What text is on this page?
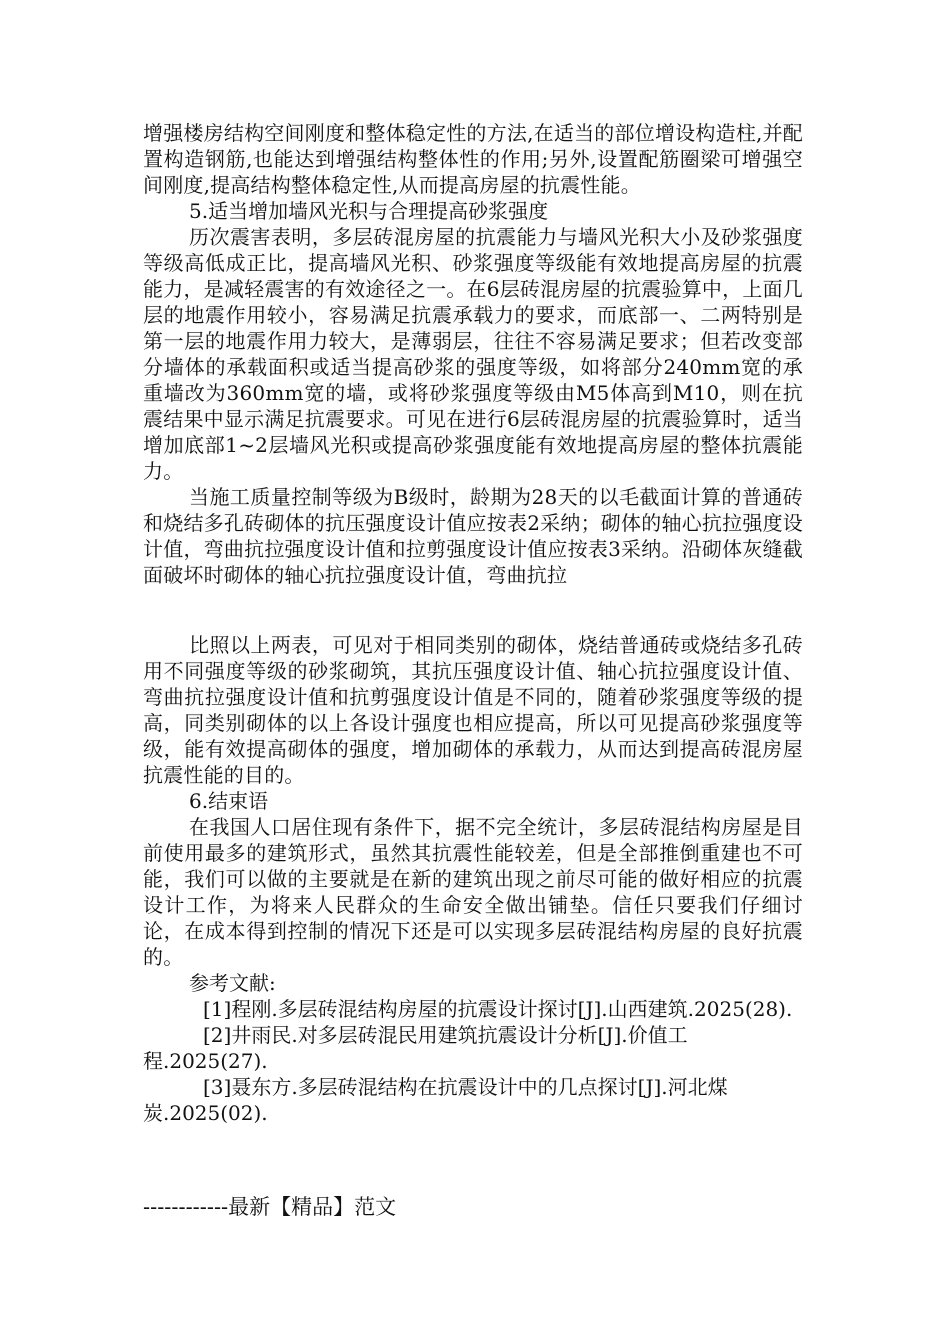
增强楼房结构空间刚度和整体稳定性的方法,在适当的部位增设构造柱,并配置构造钢筋,也能达到增强结构整体性的作用;另外,设置配筋圈梁可增强空间刚度,提高结构整体稳定性,从而提高房屋的抗震性能。

5.适当增加墙风光积与合理提高砂浆强度

历次震害表明，多层砖混房屋的抗震能力与墙风光积大小及砂浆强度等级高低成正比，提高墙风光积、砂浆强度等级能有效地提高房屋的抗震能力，是减轻震害的有效途径之一。在6层砖混房屋的抗震验算中，上面几层的地震作用较小，容易满足抗震承载力的要求，而底部一、二两特别是第一层的地震作用力较大，是薄弱层，往往不容易满足要求；但若改变部分墙体的承载面积或适当提高砂浆的强度等级，如将部分240mm宽的承重墙改为360mm宽的墙，或将砂浆强度等级由M5体高到M10，则在抗震结果中显示满足抗震要求。可见在进行6层砖混房屋的抗震验算时，适当增加底部1~2层墙风光积或提高砂浆强度能有效地提高房屋的整体抗震能力。

当施工质量控制等级为B级时，龄期为28天的以毛截面计算的普通砖和烧结多孔砖砌体的抗压强度设计值应按表2采纳；砌体的轴心抗拉强度设计值，弯曲抗拉强度设计值和拉剪强度设计值应按表3采纳。沿砌体灰缝截面破坏时砌体的轴心抗拉强度设计值，弯曲抗拉

比照以上两表，可见对于相同类别的砌体，烧结普通砖或烧结多孔砖用不同强度等级的砂浆砌筑，其抗压强度设计值、轴心抗拉强度设计值、弯曲抗拉强度设计值和抗剪强度设计值是不同的，随着砂浆强度等级的提高，同类别砌体的以上各设计强度也相应提高，所以可见提高砂浆强度等级，能有效提高砌体的强度，增加砌体的承载力，从而达到提高砖混房屋抗震性能的目的。

6.结束语

在我国人口居住现有条件下，据不完全统计，多层砖混结构房屋是目前使用最多的建筑形式，虽然其抗震性能较差，但是全部推倒重建也不可能，我们可以做的主要就是在新的建筑出现之前尽可能的做好相应的抗震设计工作，为将来人民群众的生命安全做出铺垫。信任只要我们仔细讨论，在成本得到控制的情况下还是可以实现多层砖混结构房屋的良好抗震的。

参考文献:

[1]程刚.多层砖混结构房屋的抗震设计探讨[J].山西建筑.2025(28).

[2]井雨民.对多层砖混民用建筑抗震设计分析[J].价值工程.2025(27).

[3]聂东方.多层砖混结构在抗震设计中的几点探讨[J].河北煤炭.2025(02).

------------最新【精品】范文
